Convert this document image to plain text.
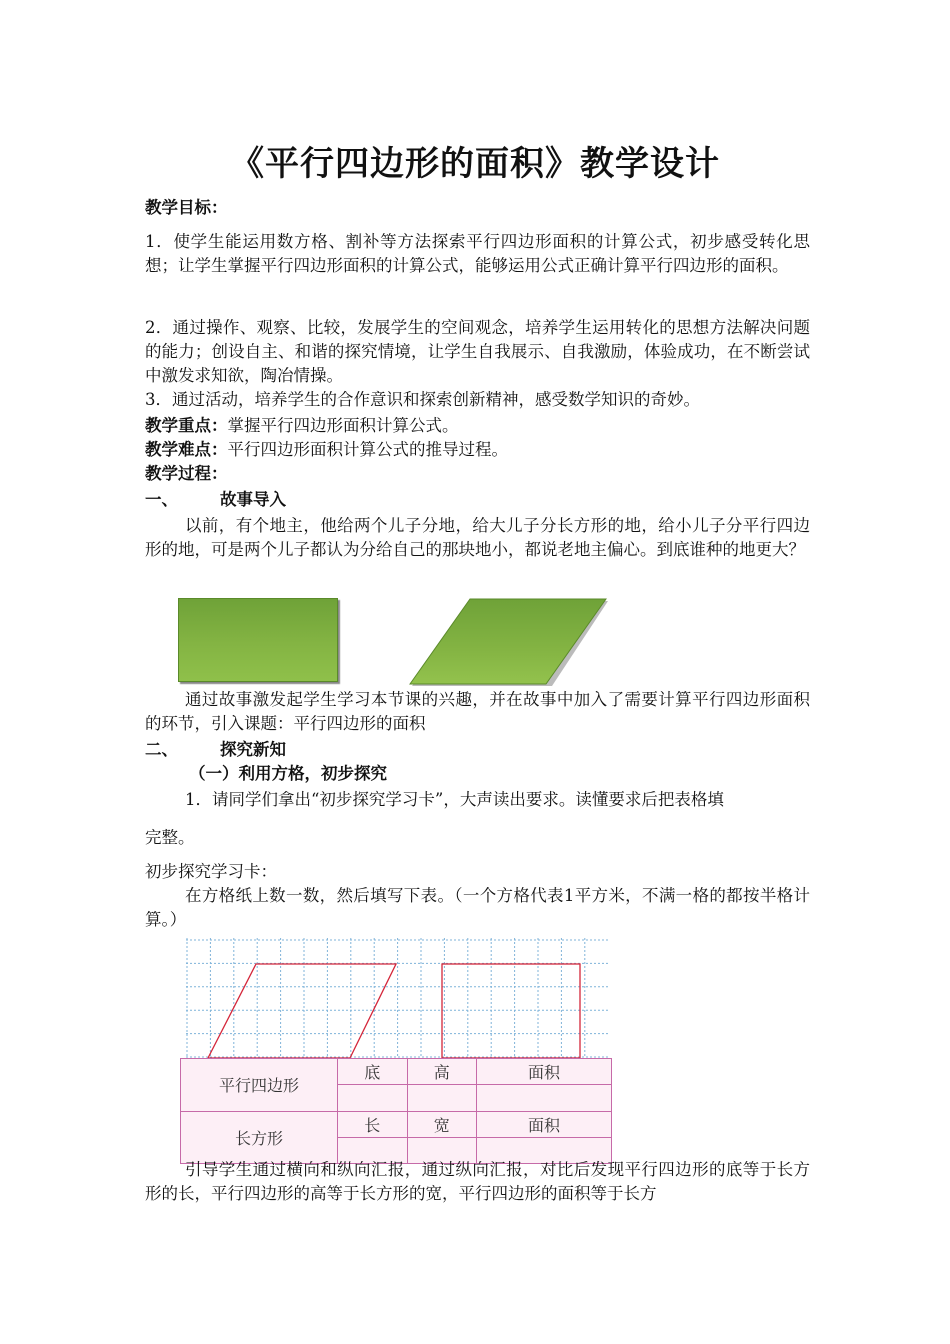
《平行四边形的面积》教学设计
教学目标：
1．使学生能运用数方格、割补等方法探索平行四边形面积的计算公式，初步感受转化思想；让学生掌握平行四边形面积的计算公式，能够运用公式正确计算平行四边形的面积。
2．通过操作、观察、比较，发展学生的空间观念，培养学生运用转化的思想方法解决问题的能力；创设自主、和谐的探究情境，让学生自我展示、自我激励，体验成功，在不断尝试中激发求知欲，陶冶情操。
3．通过活动，培养学生的合作意识和探索创新精神，感受数学知识的奇妙。
教学重点：掌握平行四边形面积计算公式。
教学难点：平行四边形面积计算公式的推导过程。
教学过程：
一、	故事导入
以前，有个地主，他给两个儿子分地，给大儿子分长方形的地，给小儿子分平行四边形的地，可是两个儿子都认为分给自己的那块地小，都说老地主偏心。到底谁种的地更大？
通过故事激发起学生学习本节课的兴趣，并在故事中加入了需要计算平行四边形面积的环节，引入课题：平行四边形的面积
二、	探究新知
（一）利用方格，初步探究
1．请同学们拿出“初步探究学习卡”，大声读出要求。读懂要求后把表格填
完整。
初步探究学习卡：
在方格纸上数一数，然后填写下表。（一个方格代表1平方米，不满一格的都按半格计算。）
平行四边形	底	高	面积

长方形	长	宽	面积

引导学生通过横向和纵向汇报，通过纵向汇报，对比后发现平行四边形的底等于长方形的长，平行四边形的高等于长方形的宽，平行四边形的面积等于长方
